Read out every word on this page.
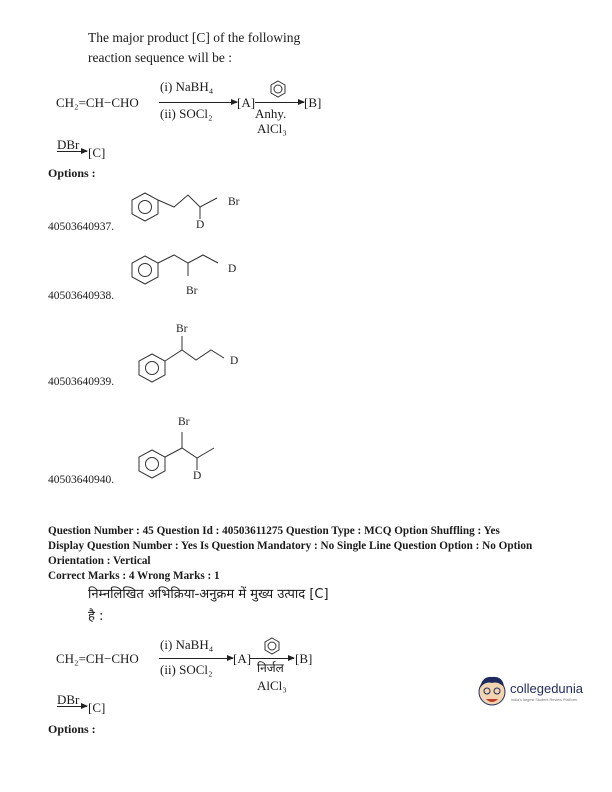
The major product [C] of the following
reaction sequence will be :
CH₂=CH−CHO
(i) NaBH₄
(ii) SOCl₂
[A] → [B]
Anhy.
AlCl₃
DBr
→ [C]
Options :
Br
D
40503640937.
D
Br
40503640938.
Br
D
40503640939.
Br
D
40503640940.
Question Number : 45 Question Id : 40503611275 Question Type : MCQ Option Shuffling : Yes
Display Question Number : Yes Is Question Mandatory : No Single Line Question Option : No Option
Orientation : Vertical
Correct Marks : 4 Wrong Marks : 1
निम्नलिखित अभिक्रिया-अनुक्रम में मुख्य उत्पाद [C]
है :
CH₂=CH−CHO
(i) NaBH₄
(ii) SOCl₂
[A]	[B]
निर्जल
AlCl₃
DBr
[C]
Options :
collegedunia
India's largest Student Review Platform
